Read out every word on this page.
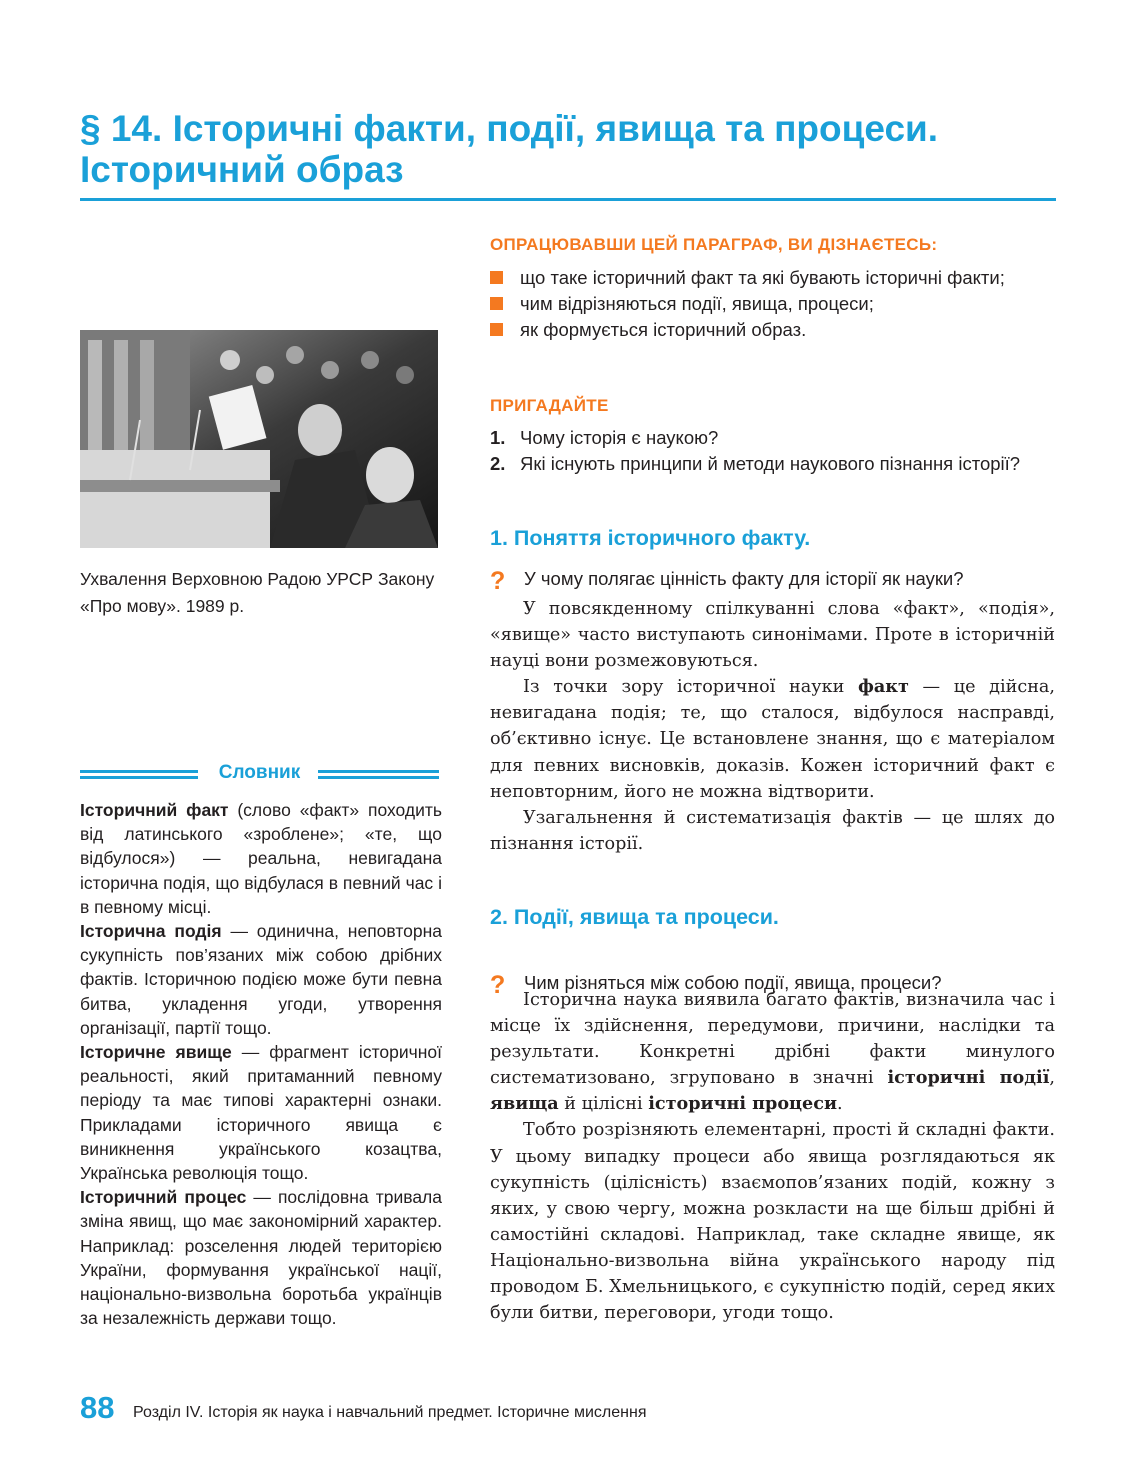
§ 14. Історичні факти, події, явища та процеси.
Історичний образ
Ухвалення Верховною Радою УРСР Закону «Про мову». 1989 р.
Словник

Історичний факт (слово «факт» походить від латинського «зроблене»; «те, що відбулося») — реальна, невигадана історична подія, що відбулася в певний час і в певному місці.

Історична подія — одинична, неповторна сукупність пов’язаних між собою дрібних фактів. Історичною подією може бути певна битва, укладення угоди, утворення організації, партії тощо.

Історичне явище — фрагмент історичної реальності, який притаманний певному періоду та має типові характерні ознаки. Прикладами історичного явища є виникнення українського козацтва, Українська революція тощо.

Історичний процес — послідовна тривала зміна явищ, що має закономірний характер. Наприклад: розселення людей територією України, формування української нації, національно-визвольна боротьба українців за незалежність держави тощо.

ОПРАЦЮВАВШИ ЦЕЙ ПАРАГРАФ, ВИ ДІЗНАЄТЕСЬ:
що таке історичний факт та які бувають історичні факти;
чим відрізняються події, явища, процеси;
як формується історичний образ.
ПРИГАДАЙТЕ
1. Чому історія є наукою?
2. Які існують принципи й методи наукового пізнання історії?
1. Поняття історичного факту.
? У чому полягає цінність факту для історії як науки?

У повсякденному спілкуванні слова «факт», «подія», «явище» часто виступають синонімами. Проте в історичній науці вони розмежовуються.

Із точки зору історичної науки факт — це дійсна, невигадана подія; те, що сталося, відбулося насправді, об’єктивно існує. Це встановлене знання, що є матеріалом для певних висновків, доказів. Кожен історичний факт є неповторним, його не можна відтворити.

Узагальнення й систематизація фактів — це шлях до пізнання історії.

2. Події, явища та процеси.
? Чим різняться між собою події, явища, процеси?

Історична наука виявила багато фактів, визначила час і місце їх здійснення, передумови, причини, наслідки та результати. Конкретні дрібні факти минулого систематизовано, згруповано в значні історичні події, явища й цілісні історичні процеси.

Тобто розрізняють елементарні, прості й складні факти. У цьому випадку процеси або явища розглядаються як сукупність (цілісність) взаємопов’язаних подій, кожну з яких, у свою чергу, можна розкласти на ще більш дрібні й самостійні складові. Наприклад, таке складне явище, як Національно-визвольна війна українського народу під проводом Б. Хмельницького, є сукупністю подій, серед яких були битви, переговори, угоди тощо.

88 Розділ IV. Історія як наука і навчальний предмет. Історичне мислення
